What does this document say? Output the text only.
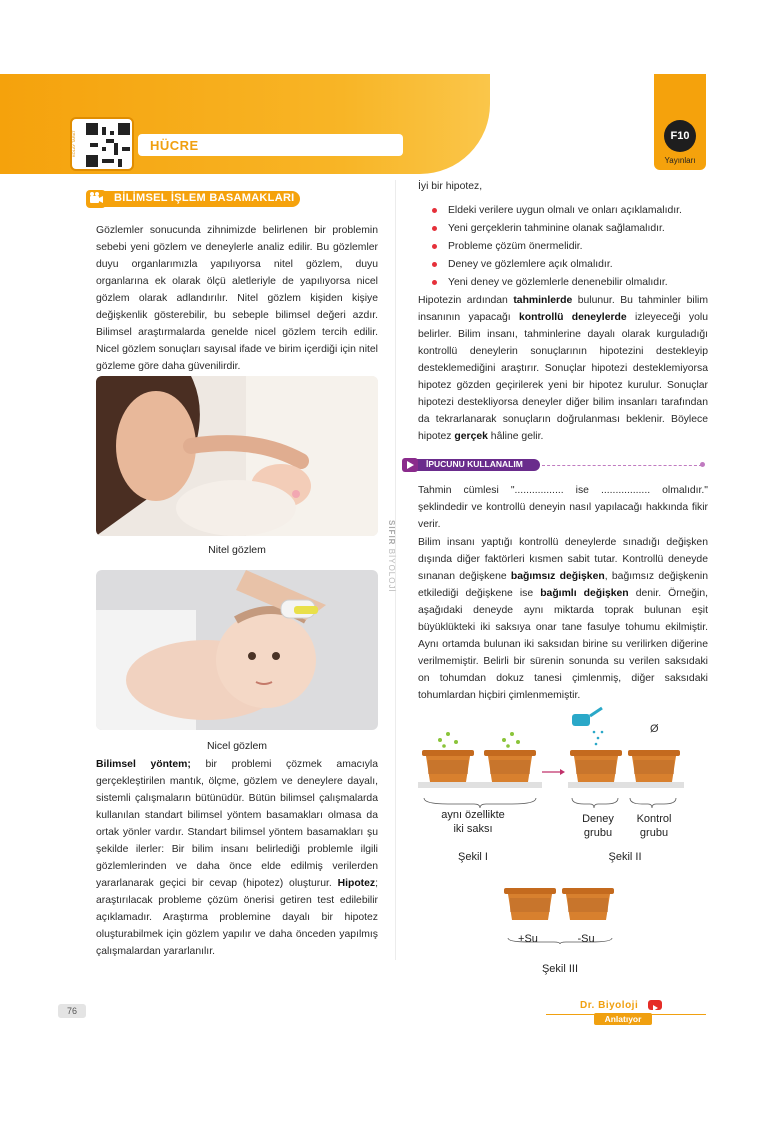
KOLAY TARAT	HÜCRE
F10
Yayınları
BİLİMSEL İŞLEM BASAMAKLARI
Gözlemler sonucunda zihnimizde belirlenen bir problemin sebebi yeni gözlem ve deneylerle analiz edilir. Bu gözlemler duyu organlarımızla yapılıyorsa nitel gözlem, duyu organlarına ek olarak ölçü aletleriyle de yapılıyorsa nicel gözlem olarak adlandırılır. Nitel gözlem kişiden kişiye değişkenlik gösterebilir, bu sebeple bilimsel değeri azdır. Bilimsel araştırmalarda genelde nicel gözlem tercih edilir. Nicel gözlem sonuçları sayısal ifade ve birim içerdiği için nitel gözleme göre daha güvenilirdir.
Nitel gözlem
Nicel gözlem
Bilimsel yöntem; bir problemi çözmek amacıyla gerçekleştirilen mantık, ölçme, gözlem ve deneylere dayalı, sistemli çalışmaların bütünüdür. Bütün bilimsel çalışmalarda kullanılan standart bilimsel yöntem basamakları olmasa da ortak yönler vardır. Standart bilimsel yöntem basamakları şu şekilde ilerler: Bir bilim insanı belirlediği problemle ilgili gözlemlerinden ve daha önce elde edilmiş verilerden yararlanarak geçici bir cevap (hipotez) oluşturur. Hipotez; araştırılacak probleme çözüm önerisi getiren test edilebilir açıklamadır. Araştırma problemine dayalı bir hipotez oluşturabilmek için gözlem yapılır ve daha önceden yapılmış çalışmalardan yararlanılır.
SIFIR BİYOLOJİ
İyi bir hipotez,
Eldeki verilere uygun olmalı ve onları açıklamalıdır.
Yeni gerçeklerin tahminine olanak sağlamalıdır.
Probleme çözüm önermelidir.
Deney ve gözlemlere açık olmalıdır.
Yeni deney ve gözlemlerle denenebilir olmalıdır.
Hipotezin ardından tahminlerde bulunur. Bu tahminler bilim insanının yapacağı kontrollü deneylerde izleyeceği yolu belirler. Bilim insanı, tahminlerine dayalı olarak kurguladığı kontrollü deneylerin sonuçlarının hipotezini destekleyip desteklemediğini araştırır. Sonuçlar hipotezi desteklemiyorsa hipotez gözden geçirilerek yeni bir hipotez kurulur. Sonuçlar hipotezi destekliyorsa deneyler diğer bilim insanları tarafından da tekrarlanarak sonuçların doğrulanması beklenir. Böylece hipotez gerçek hâline gelir.
İPUCUNU KULLANALIM
Tahmin cümlesi "................. ise ................. olmalıdır." şeklindedir ve kontrollü deneyin nasıl yapılacağı hakkında fikir verir.
Bilim insanı yaptığı kontrollü deneylerde sınadığı değişken dışında diğer faktörleri kısmen sabit tutar. Kontrollü deneyde sınanan değişkene bağımsız değişken, bağımsız değişkenin etkilediği değişkene ise bağımlı değişken denir. Örneğin, aşağıdaki deneyde aynı miktarda toprak bulunan eşit büyüklükteki iki saksıya onar tane fasulye tohumu ekilmiştir. Aynı ortamda bulunan iki saksıdan birine su verilirken diğerine verilmemiştir. Belirli bir sürenin sonunda su verilen saksıdaki on tohumdan dokuz tanesi çimlenmiş, diğer saksıdaki tohumlardan hiçbiri çimlenmemiştir.
Ø
aynı özellikte
iki saksı
Deney
grubu
Kontrol
grubu
Şekil I	Şekil II
+Su	-Su
Şekil III
76	Dr. Biyoloji
Anlatıyor
